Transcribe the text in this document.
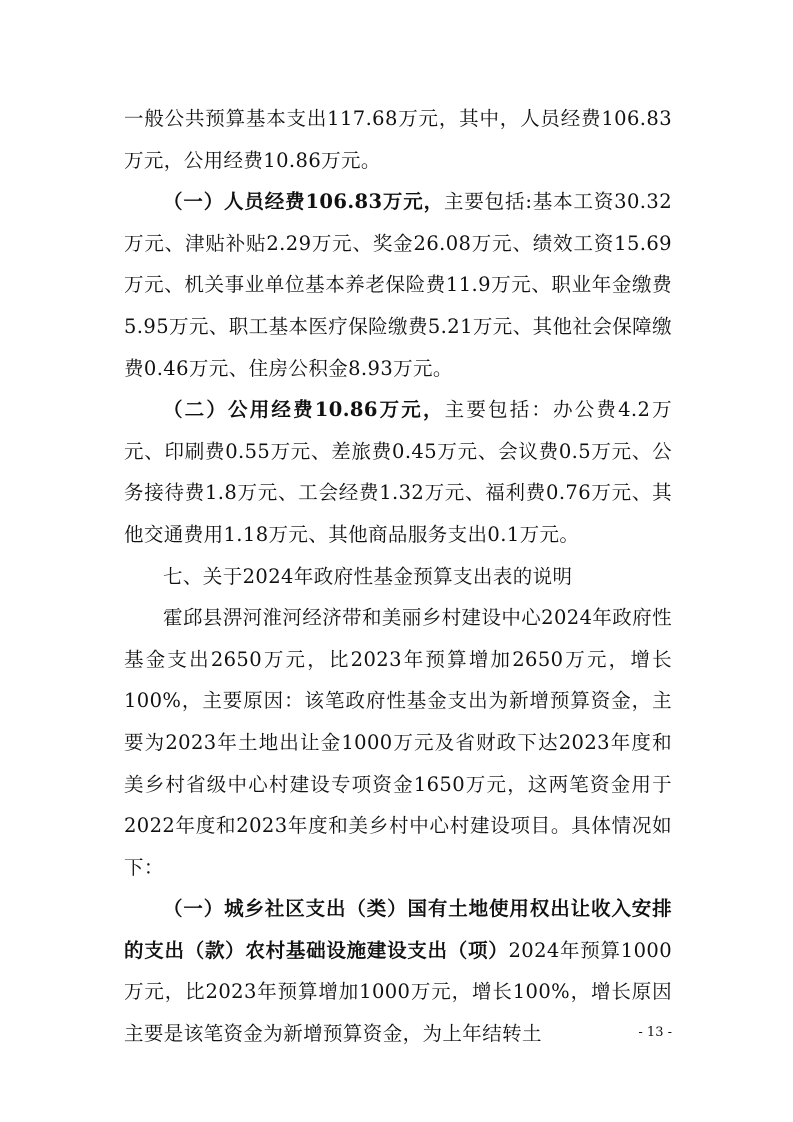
一般公共预算基本支出117.68万元，其中，人员经费106.83万元，公用经费10.86万元。

（一）人员经费106.83万元，主要包括:基本工资30.32万元、津贴补贴2.29万元、奖金26.08万元、绩效工资15.69万元、机关事业单位基本养老保险费11.9万元、职业年金缴费5.95万元、职工基本医疗保险缴费5.21万元、其他社会保障缴费0.46万元、住房公积金8.93万元。

（二）公用经费10.86万元，主要包括：办公费4.2万元、印刷费0.55万元、差旅费0.45万元、会议费0.5万元、公务接待费1.8万元、工会经费1.32万元、福利费0.76万元、其他交通费用1.18万元、其他商品服务支出0.1万元。

七、关于2024年政府性基金预算支出表的说明

霍邱县淠河淮河经济带和美丽乡村建设中心2024年政府性基金支出2650万元，比2023年预算增加2650万元，增长100%，主要原因：该笔政府性基金支出为新增预算资金，主要为2023年土地出让金1000万元及省财政下达2023年度和美乡村省级中心村建设专项资金1650万元，这两笔资金用于2022年度和2023年度和美乡村中心村建设项目。具体情况如下：

（一）城乡社区支出（类）国有土地使用权出让收入安排的支出（款）农村基础设施建设支出（项）2024年预算1000万元，比2023年预算增加1000万元，增长100%，增长原因主要是该笔资金为新增预算资金，为上年结转土	- 13 -
